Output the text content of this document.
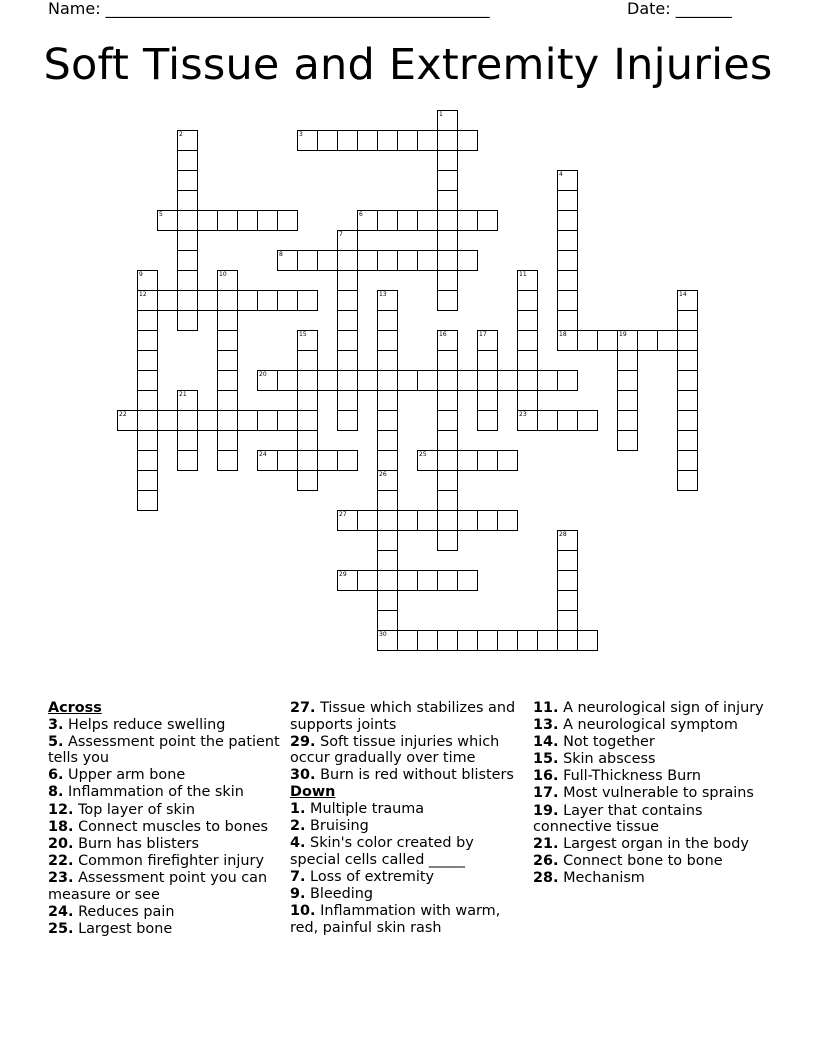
Name: ________________________________________________	Date: _______
Soft Tissue and Extremity Injuries
3
5	6
8
12
18	19
20
22	23
24	25
27
29
30
1
2
4
7
9	10	11
13
26
14
15	16	17
21
28
Across
3. Helps reduce swelling
5. Assessment point the patient tells you
6. Upper arm bone
8. Inflammation of the skin
12. Top layer of skin
18. Connect muscles to bones
20. Burn has blisters
22. Common firefighter injury
23. Assessment point you can measure or see
24. Reduces pain
25. Largest bone
27. Tissue which stabilizes and supports joints
29. Soft tissue injuries which occur gradually over time
30. Burn is red without blisters
Down
1. Multiple trauma
2. Bruising
4. Skin's color created by special cells called _____
7. Loss of extremity
9. Bleeding
10. Inflammation with warm, red, painful skin rash
11. A neurological sign of injury
13. A neurological symptom
14. Not together
15. Skin abscess
16. Full-Thickness Burn
17. Most vulnerable to sprains
19. Layer that contains connective tissue
21. Largest organ in the body
26. Connect bone to bone
28. Mechanism
